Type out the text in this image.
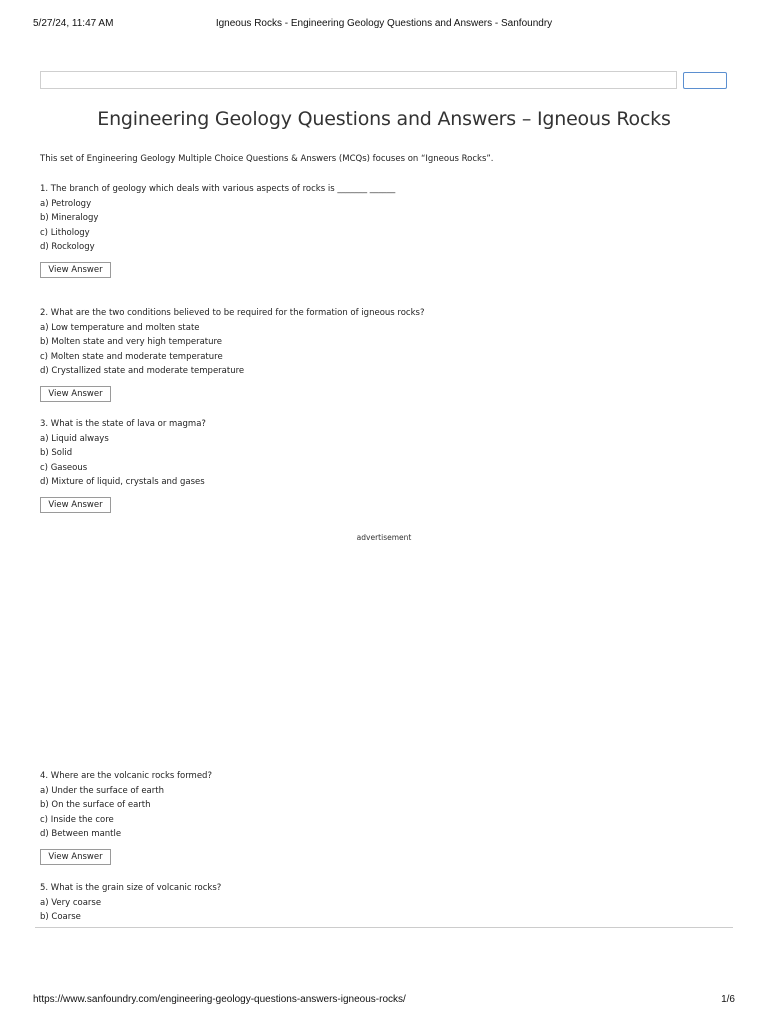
5/27/24, 11:47 AM	Igneous Rocks - Engineering Geology Questions and Answers - Sanfoundry
Engineering Geology Questions and Answers – Igneous Rocks

This set of Engineering Geology Multiple Choice Questions & Answers (MCQs) focuses on “Igneous Rocks”.

1. The branch of geology which deals with various aspects of rocks is _______ ______
a) Petrology
b) Mineralogy
c) Lithology
d) Rockology
View Answer
2. What are the two conditions believed to be required for the formation of igneous rocks?
a) Low temperature and molten state
b) Molten state and very high temperature
c) Molten state and moderate temperature
d) Crystallized state and moderate temperature
View Answer
3. What is the state of lava or magma?
a) Liquid always
b) Solid
c) Gaseous
d) Mixture of liquid, crystals and gases
View Answer
advertisement
4. Where are the volcanic rocks formed?
a) Under the surface of earth
b) On the surface of earth
c) Inside the core
d) Between mantle
View Answer
5. What is the grain size of volcanic rocks?
a) Very coarse
b) Coarse
https://www.sanfoundry.com/engineering-geology-questions-answers-igneous-rocks/	1/6
